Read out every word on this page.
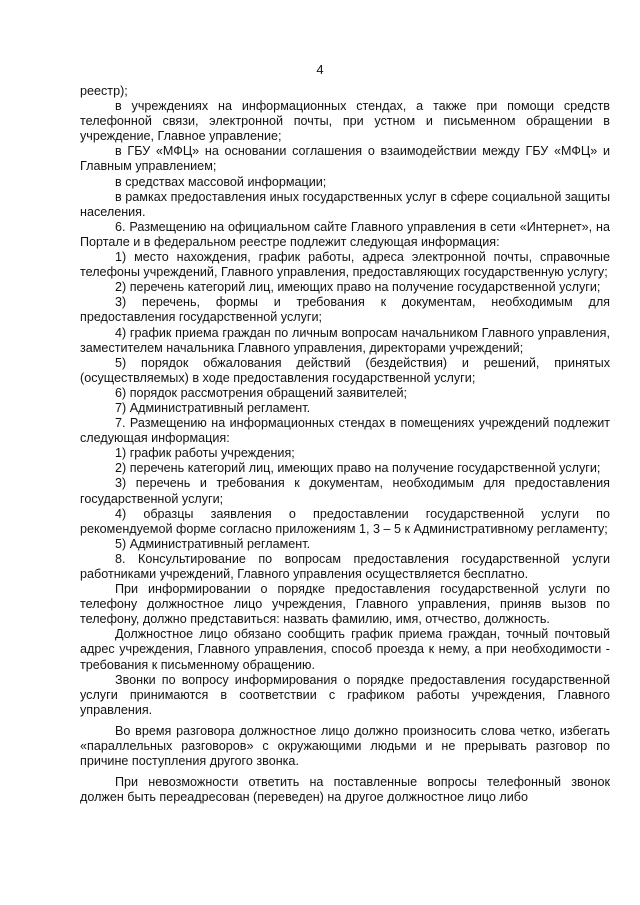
4

реестр);

в учреждениях на информационных стендах, а также при помощи средств телефонной связи, электронной почты, при устном и письменном обращении в учреждение, Главное управление;

в ГБУ «МФЦ» на основании соглашения о взаимодействии между ГБУ «МФЦ» и Главным управлением;

в средствах массовой информации;

в рамках предоставления иных государственных услуг в сфере социальной защиты населения.

6. Размещению на официальном сайте Главного управления в сети «Интернет», на Портале и в федеральном реестре подлежит следующая информация:

1) место нахождения, график работы, адреса электронной почты, справочные телефоны учреждений, Главного управления, предоставляющих государственную услугу;

2) перечень категорий лиц, имеющих право на получение государственной услуги;

3) перечень, формы и требования к документам, необходимым для предоставления государственной услуги;

4) график приема граждан по личным вопросам начальником Главного управления, заместителем начальника Главного управления, директорами учреждений;

5) порядок обжалования действий (бездействия) и решений, принятых (осуществляемых) в ходе предоставления государственной услуги;

6) порядок рассмотрения обращений заявителей;

7) Административный регламент.

7. Размещению на информационных стендах в помещениях учреждений подлежит следующая информация:

1) график работы учреждения;

2) перечень категорий лиц, имеющих право на получение государственной услуги;

3) перечень и требования к документам, необходимым для предоставления государственной услуги;

4) образцы заявления о предоставлении государственной услуги по рекомендуемой форме согласно приложениям 1, 3 – 5 к Административному регламенту;

5) Административный регламент.

8. Консультирование по вопросам предоставления государственной услуги работниками учреждений, Главного управления осуществляется бесплатно.

При информировании о порядке предоставления государственной услуги по телефону должностное лицо учреждения, Главного управления, приняв вызов по телефону, должно представиться: назвать фамилию, имя, отчество, должность.

Должностное лицо обязано сообщить график приема граждан, точный почтовый адрес учреждения, Главного управления, способ проезда к нему, а при необходимости - требования к письменному обращению.

Звонки по вопросу информирования о порядке предоставления государственной услуги принимаются в соответствии с графиком работы учреждения, Главного управления.

Во время разговора должностное лицо должно произносить слова четко, избегать «параллельных разговоров» с окружающими людьми и не прерывать разговор по причине поступления другого звонка.

При невозможности ответить на поставленные вопросы телефонный звонок должен быть переадресован (переведен) на другое должностное лицо либо
